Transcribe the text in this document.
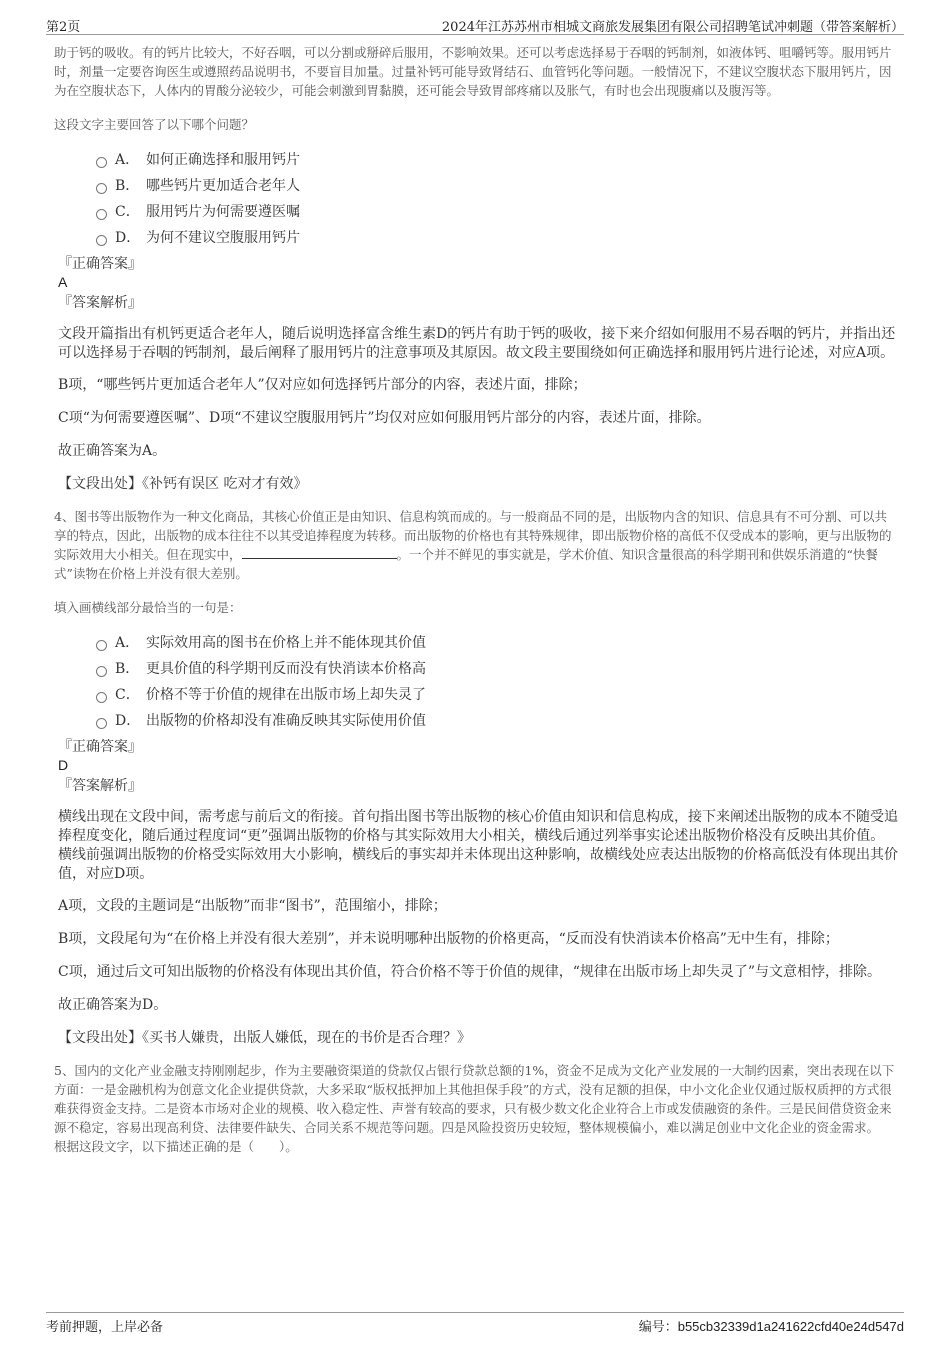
第2页	2024年江苏苏州市相城文商旅发展集团有限公司招聘笔试冲刺题（带答案解析）

助于钙的吸收。有的钙片比较大，不好吞咽，可以分割或掰碎后服用，不影响效果。还可以考虑选择易于吞咽的钙制剂，如液体钙、咀嚼钙等。服用钙片时，剂量一定要咨询医生或遵照药品说明书，不要盲目加量。过量补钙可能导致肾结石、血管钙化等问题。一般情况下，不建议空腹状态下服用钙片，因为在空腹状态下，人体内的胃酸分泌较少，可能会刺激到胃黏膜，还可能会导致胃部疼痛以及胀气，有时也会出现腹痛以及腹泻等。

这段文字主要回答了以下哪个问题？

A． 如何正确选择和服用钙片
B． 哪些钙片更加适合老年人
C． 服用钙片为何需要遵医嘱
D． 为何不建议空腹服用钙片

『正确答案』

A

『答案解析』

文段开篇指出有机钙更适合老年人，随后说明选择富含维生素D的钙片有助于钙的吸收，接下来介绍如何服用不易吞咽的钙片，并指出还可以选择易于吞咽的钙制剂，最后阐释了服用钙片的注意事项及其原因。故文段主要围绕如何正确选择和服用钙片进行论述，对应A项。

B项，“哪些钙片更加适合老年人”仅对应如何选择钙片部分的内容，表述片面，排除；

C项“为何需要遵医嘱”、D项“不建议空腹服用钙片”均仅对应如何服用钙片部分的内容，表述片面，排除。

故正确答案为A。

【文段出处】《补钙有误区 吃对才有效》

4、图书等出版物作为一种文化商品，其核心价值正是由知识、信息构筑而成的。与一般商品不同的是，出版物内含的知识、信息具有不可分割、可以共享的特点，因此，出版物的成本往往不以其受追捧程度为转移。而出版物的价格也有其特殊规律，即出版物价格的高低不仅受成本的影响，更与出版物的实际效用大小相关。但在现实中，	。一个并不鲜见的事实就是，学术价值、知识含量很高的科学期刊和供娱乐消遣的“快餐式”读物在价格上并没有很大差别。

填入画横线部分最恰当的一句是：

A． 实际效用高的图书在价格上并不能体现其价值
B． 更具价值的科学期刊反而没有快消读本价格高
C． 价格不等于价值的规律在出版市场上却失灵了
D． 出版物的价格却没有准确反映其实际使用价值

『正确答案』

D

『答案解析』

横线出现在文段中间，需考虑与前后文的衔接。首句指出图书等出版物的核心价值由知识和信息构成，接下来阐述出版物的成本不随受追捧程度变化，随后通过程度词“更”强调出版物的价格与其实际效用大小相关，横线后通过列举事实论述出版物价格没有反映出其价值。横线前强调出版物的价格受实际效用大小影响，横线后的事实却并未体现出这种影响，故横线处应表达出版物的价格高低没有体现出其价值，对应D项。

A项，文段的主题词是“出版物”而非“图书”，范围缩小，排除；

B项，文段尾句为“在价格上并没有很大差别”，并未说明哪种出版物的价格更高，“反而没有快消读本价格高”无中生有，排除；

C项，通过后文可知出版物的价格没有体现出其价值，符合价格不等于价值的规律，“规律在出版市场上却失灵了”与文意相悖，排除。

故正确答案为D。

【文段出处】《买书人嫌贵，出版人嫌低，现在的书价是否合理？》

5、国内的文化产业金融支持刚刚起步，作为主要融资渠道的贷款仅占银行贷款总额的1%，资金不足成为文化产业发展的一大制约因素，突出表现在以下方面：一是金融机构为创意文化企业提供贷款，大多采取“版权抵押加上其他担保手段”的方式，没有足额的担保，中小文化企业仅通过版权质押的方式很难获得资金支持。二是资本市场对企业的规模、收入稳定性、声誉有较高的要求，只有极少数文化企业符合上市或发债融资的条件。三是民间借贷资金来源不稳定，容易出现高利贷、法律要件缺失、合同关系不规范等问题。四是风险投资历史较短，整体规模偏小，难以满足创业中文化企业的资金需求。

根据这段文字，以下描述正确的是（　　）。

考前押题，上岸必备	编号：b55cb32339d1a241622cfd40e24d547d
